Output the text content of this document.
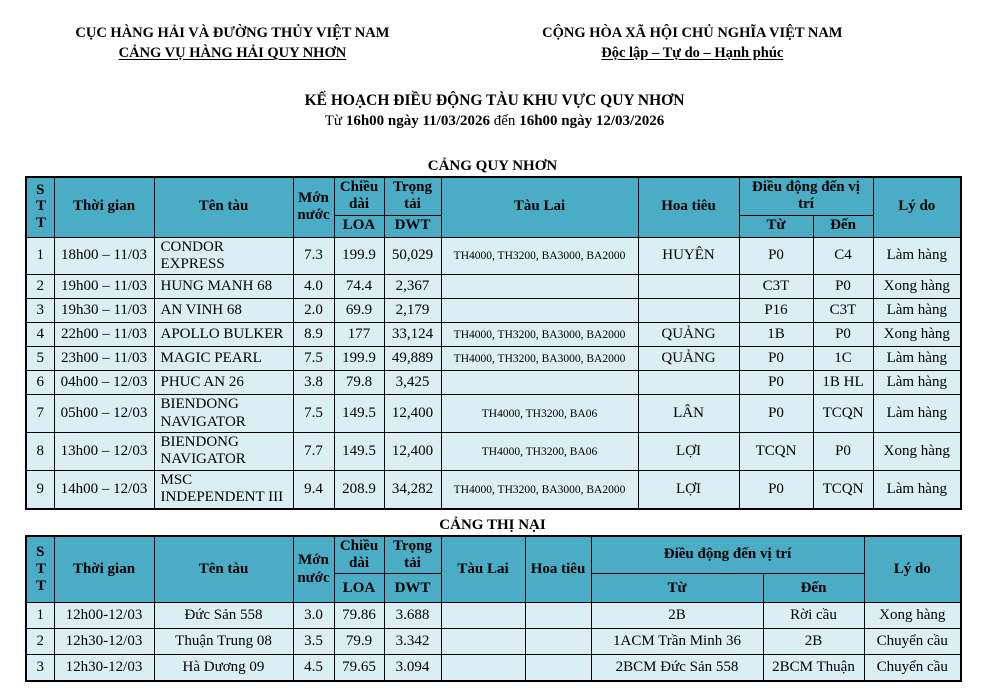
CỤC HÀNG HẢI VÀ ĐƯỜNG THỦY VIỆT NAM
CẢNG VỤ HÀNG HẢI QUY NHƠN
CỘNG HÒA XÃ HỘI CHỦ NGHĨA VIỆT NAM
Độc lập – Tự do – Hạnh phúc
KẾ HOẠCH ĐIỀU ĐỘNG TÀU KHU VỰC QUY NHƠN
Từ 16h00 ngày 11/03/2026 đến 16h00 ngày 12/03/2026
CẢNG QUY NHƠN
STT	Thời gian	Tên tàu	Mớn nước	Chiều dài	Trọng tải	Tàu Lai	Hoa tiêu	Điều động đến vị trí		Lý do
				LOA	DWT			Từ	Đến	
1	18h00 – 11/03	CONDOR EXPRESS	7.3	199.9	50,029	TH4000, TH3200, BA3000, BA2000	HUYÊN	P0	C4	Làm hàng
2	19h00 – 11/03	HUNG MANH 68	4.0	74.4	2,367			C3T	P0	Xong hàng
3	19h30 – 11/03	AN VINH 68	2.0	69.9	2,179			P16	C3T	Làm hàng
4	22h00 – 11/03	APOLLO BULKER	8.9	177	33,124	TH4000, TH3200, BA3000, BA2000	QUẢNG	1B	P0	Xong hàng
5	23h00 – 11/03	MAGIC PEARL	7.5	199.9	49,889	TH4000, TH3200, BA3000, BA2000	QUẢNG	P0	1C	Làm hàng
6	04h00 – 12/03	PHUC AN 26	3.8	79.8	3,425			P0	1B HL	Làm hàng
7	05h00 – 12/03	BIENDONG NAVIGATOR	7.5	149.5	12,400	TH4000, TH3200, BA06	LÂN	P0	TCQN	Làm hàng
8	13h00 – 12/03	BIENDONG NAVIGATOR	7.7	149.5	12,400	TH4000, TH3200, BA06	LỢI	TCQN	P0	Xong hàng
9	14h00 – 12/03	MSC INDEPENDENT III	9.4	208.9	34,282	TH4000, TH3200, BA3000, BA2000	LỢI	P0	TCQN	Làm hàng
CẢNG THỊ NẠI
STT	Thời gian	Tên tàu	Mớn nước	Chiều dài	Trọng tải	Tàu Lai	Hoa tiêu	Điều động đến vị trí		Lý do
				LOA	DWT			Từ	Đến	
1	12h00-12/03	Đức Sản 558	3.0	79.86	3.688			2B	Rời cầu	Xong hàng
2	12h30-12/03	Thuận Trung 08	3.5	79.9	3.342			1ACM Trần Minh 36	2B	Chuyển cầu
3	12h30-12/03	Hà Dương 09	4.5	79.65	3.094			2BCM Đức Sản 558	2BCM Thuận	Chuyển cầu
